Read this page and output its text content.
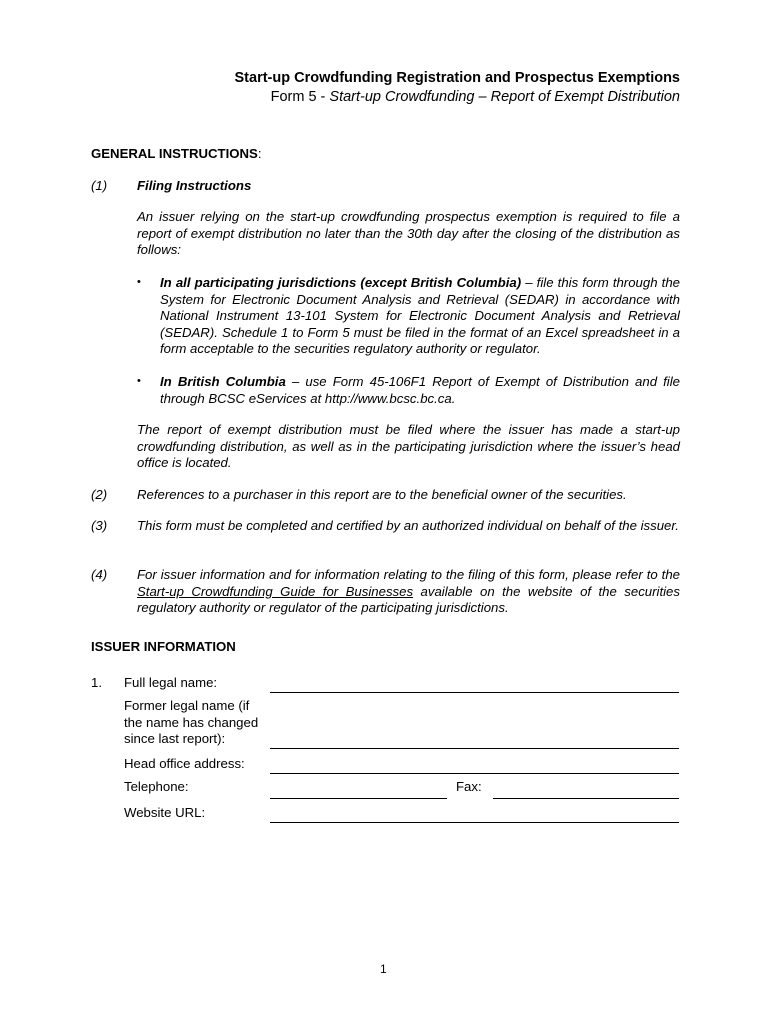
Start-up Crowdfunding Registration and Prospectus Exemptions
Form 5 - Start-up Crowdfunding – Report of Exempt Distribution
GENERAL INSTRUCTIONS:
(1) Filing Instructions
An issuer relying on the start-up crowdfunding prospectus exemption is required to file a report of exempt distribution no later than the 30th day after the closing of the distribution as follows:
• In all participating jurisdictions (except British Columbia) – file this form through the System for Electronic Document Analysis and Retrieval (SEDAR) in accordance with National Instrument 13-101 System for Electronic Document Analysis and Retrieval (SEDAR). Schedule 1 to Form 5 must be filed in the format of an Excel spreadsheet in a form acceptable to the securities regulatory authority or regulator.
• In British Columbia – use Form 45-106F1 Report of Exempt of Distribution and file through BCSC eServices at http://www.bcsc.bc.ca.
The report of exempt distribution must be filed where the issuer has made a start-up crowdfunding distribution, as well as in the participating jurisdiction where the issuer’s head office is located.
(2) References to a purchaser in this report are to the beneficial owner of the securities.
(3) This form must be completed and certified by an authorized individual on behalf of the issuer.
(4) For issuer information and for information relating to the filing of this form, please refer to the Start-up Crowdfunding Guide for Businesses available on the website of the securities regulatory authority or regulator of the participating jurisdictions.
ISSUER INFORMATION
1. Full legal name:
Former legal name (if
the name has changed
since last report):
Head office address:
Telephone:	Fax:
Website URL:
1
